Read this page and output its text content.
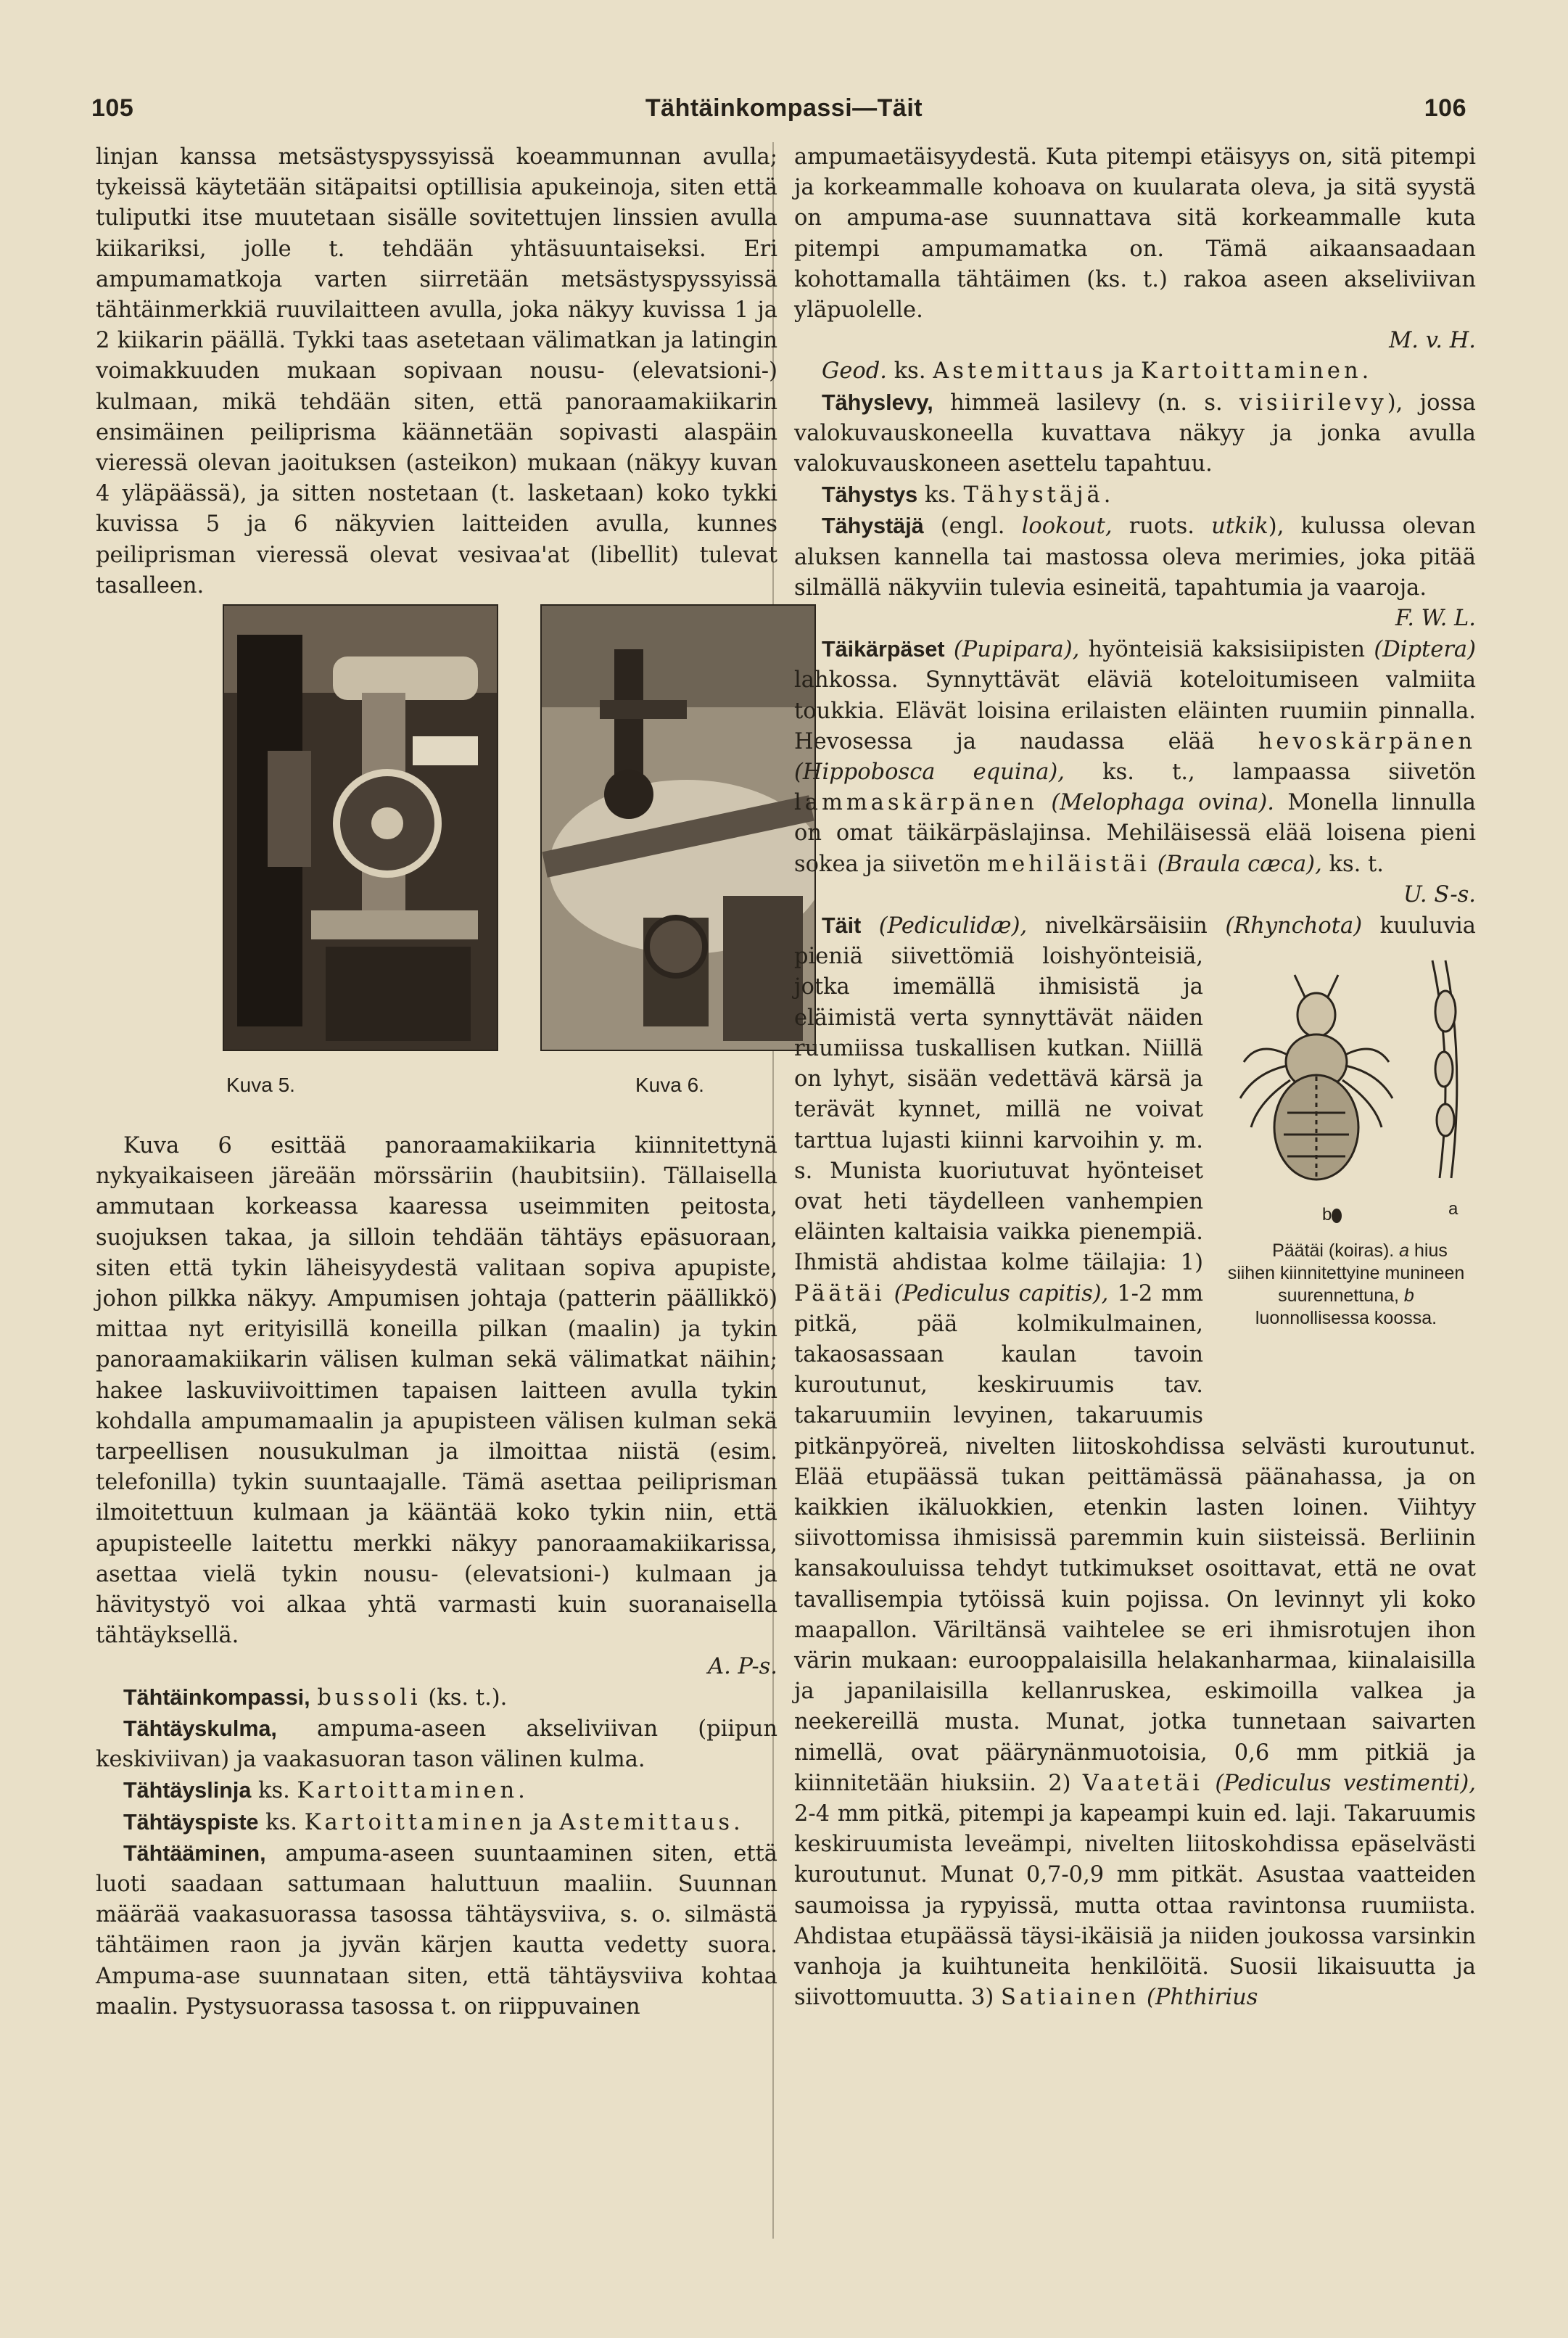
105	Tähtäinkompassi—Täit	106

linjan kanssa metsästyspyssyissä koeammunnan avulla; tykeissä käytetään sitäpaitsi optillisia apukeinoja, siten että tuliputki itse muutetaan sisälle sovitettujen linssien avulla kiikariksi, jolle t. tehdään yhtäsuuntaiseksi. Eri ampumamatkoja varten siirretään metsästyspyssyissä tähtäinmerkkiä ruuvilaitteen avulla, joka näkyy kuvissa 1 ja 2 kiikarin päällä. Tykki taas asetetaan välimatkan ja latingin voimakkuuden mukaan sopivaan nousu- (elevatsioni-) kulmaan, mikä tehdään siten, että panoraamakiikarin ensimäinen peiliprisma käännetään sopivasti alaspäin vieressä olevan jaoituksen (asteikon) mukaan (näkyy kuvan 4 yläpäässä), ja sitten nostetaan (t. lasketaan) koko tykki kuvissa 5 ja 6 näkyvien laitteiden avulla, kunnes peiliprisman vieressä olevat vesivaa'at (libellit) tulevat tasalleen.

Kuva 5.	Kuva 6.

Kuva 6 esittää panoraamakiikaria kiinnitettynä nykyaikaiseen järeään mörssäriin (haubitsiin). Tällaisella ammutaan korkeassa kaaressa useimmiten peitosta, suojuksen takaa, ja silloin tehdään tähtäys epäsuoraan, siten että tykin läheisyydestä valitaan sopiva apupiste, johon pilkka näkyy. Ampumisen johtaja (patterin päällikkö) mittaa nyt erityisillä koneilla pilkan (maalin) ja tykin panoraamakiikarin välisen kulman sekä välimatkat näihin; hakee laskuviivoittimen tapaisen laitteen avulla tykin kohdalla ampumamaalin ja apupisteen välisen kulman sekä tarpeellisen nousukulman ja ilmoittaa niistä (esim. telefonilla) tykin suuntaajalle. Tämä asettaa peiliprisman ilmoitettuun kulmaan ja kääntää koko tykin niin, että apupisteelle laitettu merkki näkyy panoraamakiikarissa, asettaa vielä tykin nousu- (elevatsioni-) kulmaan ja hävitystyö voi alkaa yhtä varmasti kuin suoranaisella tähtäyksellä.
A. P-s.

Tähtäinkompassi, bussoli (ks. t.).

Tähtäyskulma, ampuma-aseen akseliviivan (piipun keskiviivan) ja vaakasuoran tason välinen kulma.

Tähtäyslinja ks. Kartoittaminen.

Tähtäyspiste ks. Kartoittaminen ja Astemittaus.

Tähtääminen, ampuma-aseen suuntaaminen siten, että luoti saadaan sattumaan haluttuun maaliin. Suunnan määrää vaakasuorassa tasossa tähtäysviiva, s. o. silmästä tähtäimen raon ja jyvän kärjen kautta vedetty suora. Ampuma-ase suunnataan siten, että tähtäysviiva kohtaa maalin. Pystysuorassa tasossa t. on riippuvainen

ampumaetäisyydestä. Kuta pitempi etäisyys on, sitä pitempi ja korkeammalle kohoava on kuularata oleva, ja sitä syystä on ampuma-ase suunnattava sitä korkeammalle kuta pitempi ampumamatka on. Tämä aikaansaadaan kohottamalla tähtäimen (ks. t.) rakoa aseen akseliviivan yläpuolelle.
M. v. H.

Geod. ks. Astemittaus ja Kartoittaminen.

Tähyslevy, himmeä lasilevy (n. s. visiirilevy), jossa valokuvauskoneella kuvattava näkyy ja jonka avulla valokuvauskoneen asettelu tapahtuu.

Tähystys ks. Tähystäjä.

Tähystäjä (engl. lookout, ruots. utkik), kulussa olevan aluksen kannella tai mastossa oleva merimies, joka pitää silmällä näkyviin tulevia esineitä, tapahtumia ja vaaroja.
F. W. L.

Täikärpäset (Pupipara), hyönteisiä kaksisiipisten (Diptera) lahkossa. Synnyttävät eläviä koteloitumiseen valmiita toukkia. Elävät loisina erilaisten eläinten ruumiin pinnalla. Hevosessa ja naudassa elää hevoskärpänen (Hippobosca equina), ks. t., lampaassa siivetön lammaskärpänen (Melophaga ovina). Monella linnulla on omat täikärpäslajinsa. Mehiläisessä elää loisena pieni sokea ja siivetön mehiläistäi (Braula cæca), ks. t.
U. S-s.

Täit (Pediculidæ), nivelkärsäisiin (Rhynchota)
b	a
Päätäi (koiras). a hius siihen kiinnitettyine munineen suurennettuna, b luonnollisessa koossa.
kuuluvia pieniä siivettömiä loishyönteisiä, jotka imemällä ihmisistä ja eläimistä verta synnyttävät näiden ruumiissa tuskallisen kutkan. Niillä on lyhyt, sisään vedettävä kärsä ja terävät kynnet, millä ne voivat tarttua lujasti kiinni karvoihin y. m. s. Munista kuoriutuvat hyönteiset ovat heti täydelleen vanhempien eläinten kaltaisia vaikka pienempiä. Ihmistä ahdistaa kolme täilajia: 1) Päätäi (Pediculus capitis), 1-2 mm pitkä, pää kolmikulmainen, takaosassaan kaulan tavoin kuroutunut, keskiruumis tav. takaruumiin levyinen, takaruumis pitkänpyöreä, nivelten liitoskohdissa selvästi kuroutunut. Elää etupäässä tukan peittämässä päänahassa, ja on kaikkien ikäluokkien, etenkin lasten loinen. Viihtyy siivottomissa ihmisissä paremmin kuin siisteissä. Berliinin kansakouluissa tehdyt tutkimukset osoittavat, että ne ovat tavallisempia tytöissä kuin pojissa. On levinnyt yli koko maapallon. Väriltänsä vaihtelee se eri ihmisrotujen ihon värin mukaan: eurooppalaisilla helakanharmaa, kiinalaisilla ja japanilaisilla kellanruskea, eskimoilla valkea ja neekereillä musta. Munat, jotka tunnetaan saivarten nimellä, ovat päärynänmuotoisia, 0,6 mm pitkiä ja kiinnitetään hiuksiin. 2) Vaatetäi (Pediculus vestimenti), 2-4 mm pitkä, pitempi ja kapeampi kuin ed. laji. Takaruumis keskiruumista leveämpi, nivelten liitoskohdissa epäselvästi kuroutunut. Munat 0,7-0,9 mm pitkät. Asustaa vaatteiden saumoissa ja rypyissä, mutta ottaa ravintonsa ruumiista. Ahdistaa etupäässä täysi-ikäisiä ja niiden joukossa varsinkin vanhoja ja kuihtuneita henkilöitä. Suosii likaisuutta ja siivottomuutta. 3) Satiainen (Phthirius
